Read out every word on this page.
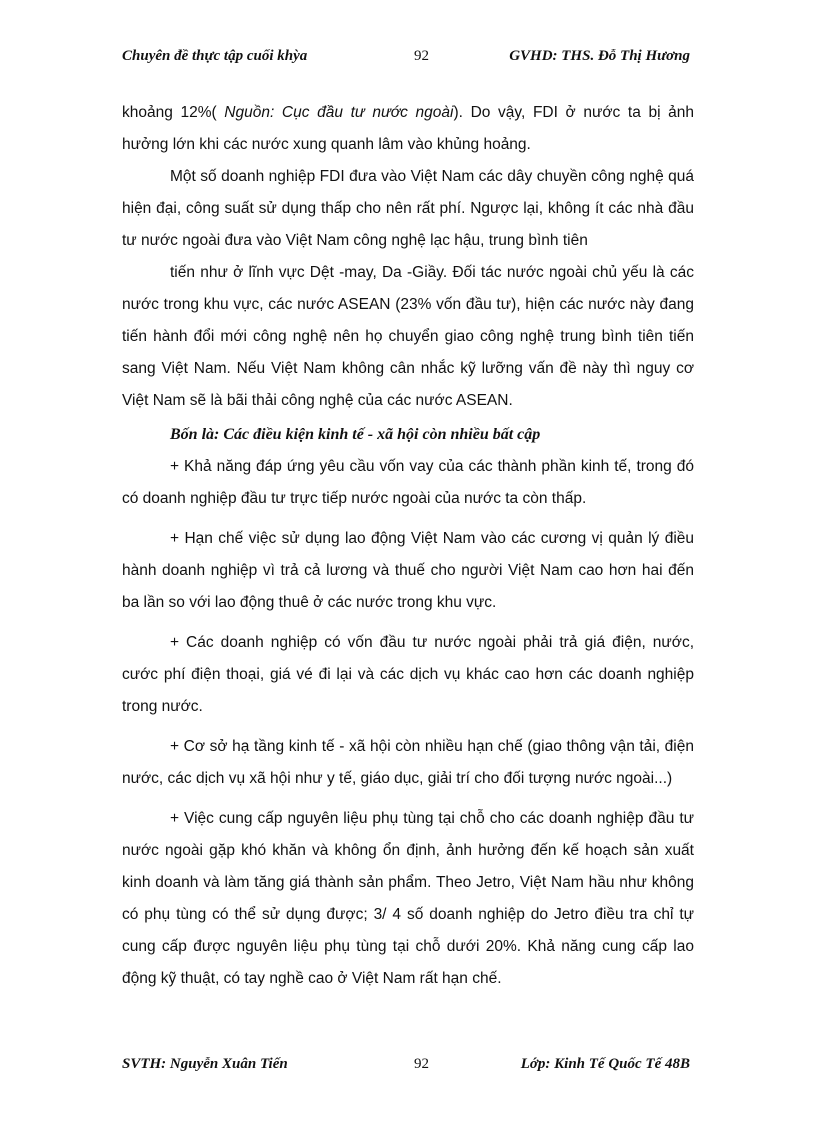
Chuyên đề thực tập cuối khỳa	92	GVHD: THS. Đỗ Thị Hương

khoảng 12%( Nguồn: Cục đầu tư nước ngoài). Do vậy, FDI ở nước ta bị ảnh hưởng lớn khi các nước xung quanh lâm vào khủng hoảng.

Một số doanh nghiệp FDI đưa vào Việt Nam các dây chuyền công nghệ quá hiện đại, công suất sử dụng thấp cho nên rất phí. Ngược lại, không ít các nhà đầu tư nước ngoài đưa vào Việt Nam công nghệ lạc hậu, trung bình tiên

tiến như ở lĩnh vực Dệt -may, Da -Giầy. Đối tác nước ngoài chủ yếu là các nước trong khu vực, các nước ASEAN (23% vốn đầu tư), hiện các nước này đang tiến hành đổi mới công nghệ nên họ chuyển giao công nghệ trung bình tiên tiến sang Việt Nam. Nếu Việt Nam không cân nhắc kỹ lưỡng vấn đề này thì nguy cơ Việt Nam sẽ là bãi thải công nghệ của các nước ASEAN.

Bốn là: Các điều kiện kinh tế - xã hội còn nhiều bất cập

+ Khả năng đáp ứng yêu cầu vốn vay của các thành phần kinh tế, trong đó có doanh nghiệp đầu tư trực tiếp nước ngoài của nước ta còn thấp.

+ Hạn chế việc sử dụng lao động Việt Nam vào các cương vị quản lý điều hành doanh nghiệp vì trả cả lương và thuế cho người Việt Nam cao hơn hai đến ba lần so với lao động thuê ở các nước trong khu vực.

+ Các doanh nghiệp có vốn đầu tư nước ngoài phải trả giá điện, nước, cước phí điện thoại, giá vé đi lại và các dịch vụ khác cao hơn các doanh nghiệp trong nước.

+ Cơ sở hạ tầng kinh tế - xã hội còn nhiều hạn chế (giao thông vận tải, điện nước, các dịch vụ xã hội như y tế, giáo dục, giải trí cho đối tượng nước ngoài...)

+ Việc cung cấp nguyên liệu phụ tùng tại chỗ cho các doanh nghiệp đầu tư nước ngoài gặp khó khăn và không ổn định, ảnh hưởng đến kế hoạch sản xuất kinh doanh và làm tăng giá thành sản phẩm. Theo Jetro, Việt Nam hầu như không có phụ tùng có thể sử dụng được; 3/ 4 số doanh nghiệp do Jetro điều tra chỉ tự cung cấp được nguyên liệu phụ tùng tại chỗ dưới 20%. Khả năng cung cấp lao động kỹ thuật, có tay nghề cao ở Việt Nam rất hạn chế.

SVTH: Nguyễn Xuân Tiến	92	Lớp: Kinh Tế Quốc Tế 48B
